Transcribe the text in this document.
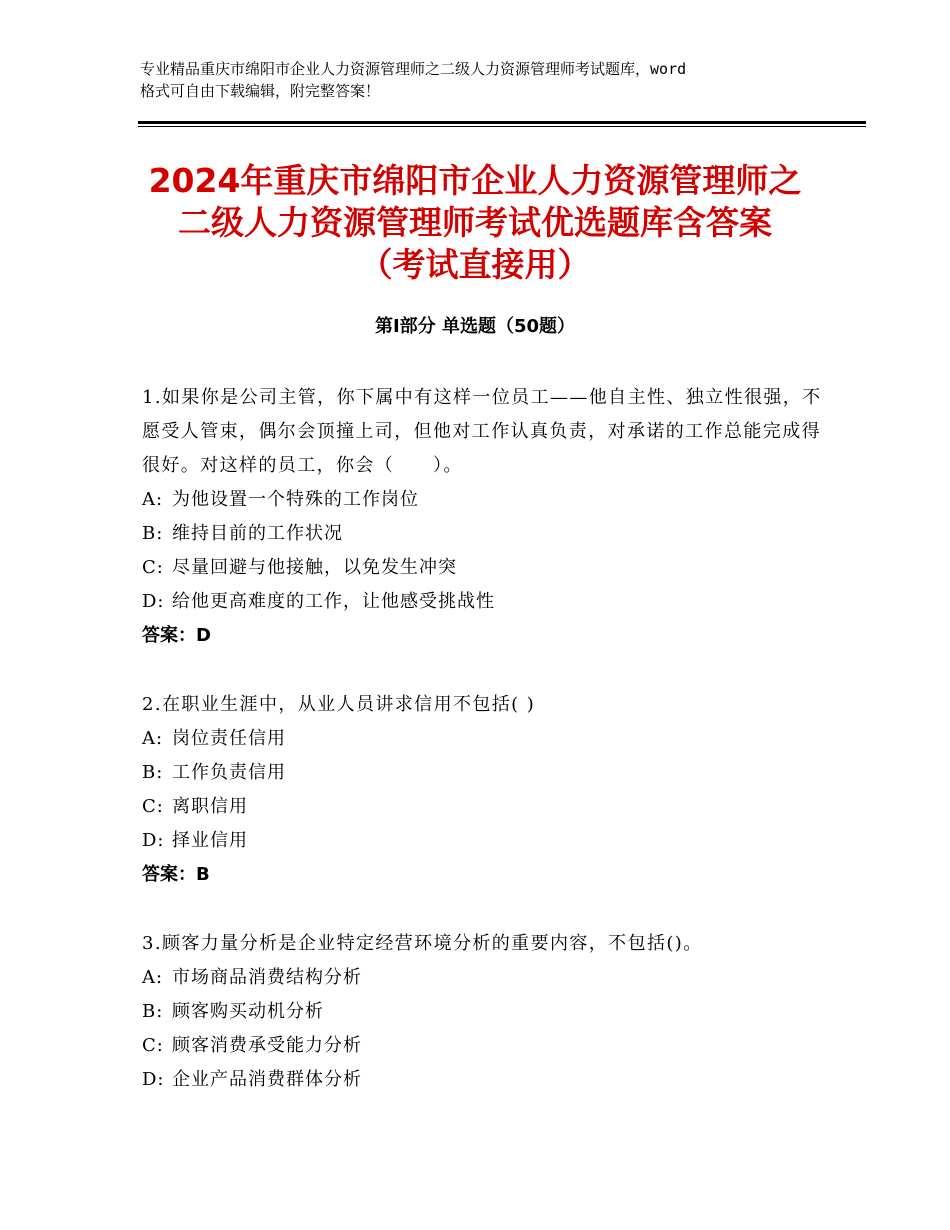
专业精品重庆市绵阳市企业人力资源管理师之二级人力资源管理师考试题库，word
格式可自由下载编辑，附完整答案！
2024年重庆市绵阳市企业人力资源管理师之
二级人力资源管理师考试优选题库含答案
（考试直接用）
第Ⅰ部分 单选题（50题）

1.如果你是公司主管，你下属中有这样一位员工——他自主性、独立性很强，不愿受人管束，偶尔会顶撞上司，但他对工作认真负责，对承诺的工作总能完成得很好。对这样的员工，你会（　　）。

A: 为他设置一个特殊的工作岗位

B: 维持目前的工作状况

C: 尽量回避与他接触，以免发生冲突

D: 给他更高难度的工作，让他感受挑战性

答案：D

2.在职业生涯中，从业人员讲求信用不包括( )

A: 岗位责任信用

B: 工作负责信用

C: 离职信用

D: 择业信用

答案：B

3.顾客力量分析是企业特定经营环境分析的重要内容，不包括()。

A: 市场商品消费结构分析

B: 顾客购买动机分析

C: 顾客消费承受能力分析

D: 企业产品消费群体分析
